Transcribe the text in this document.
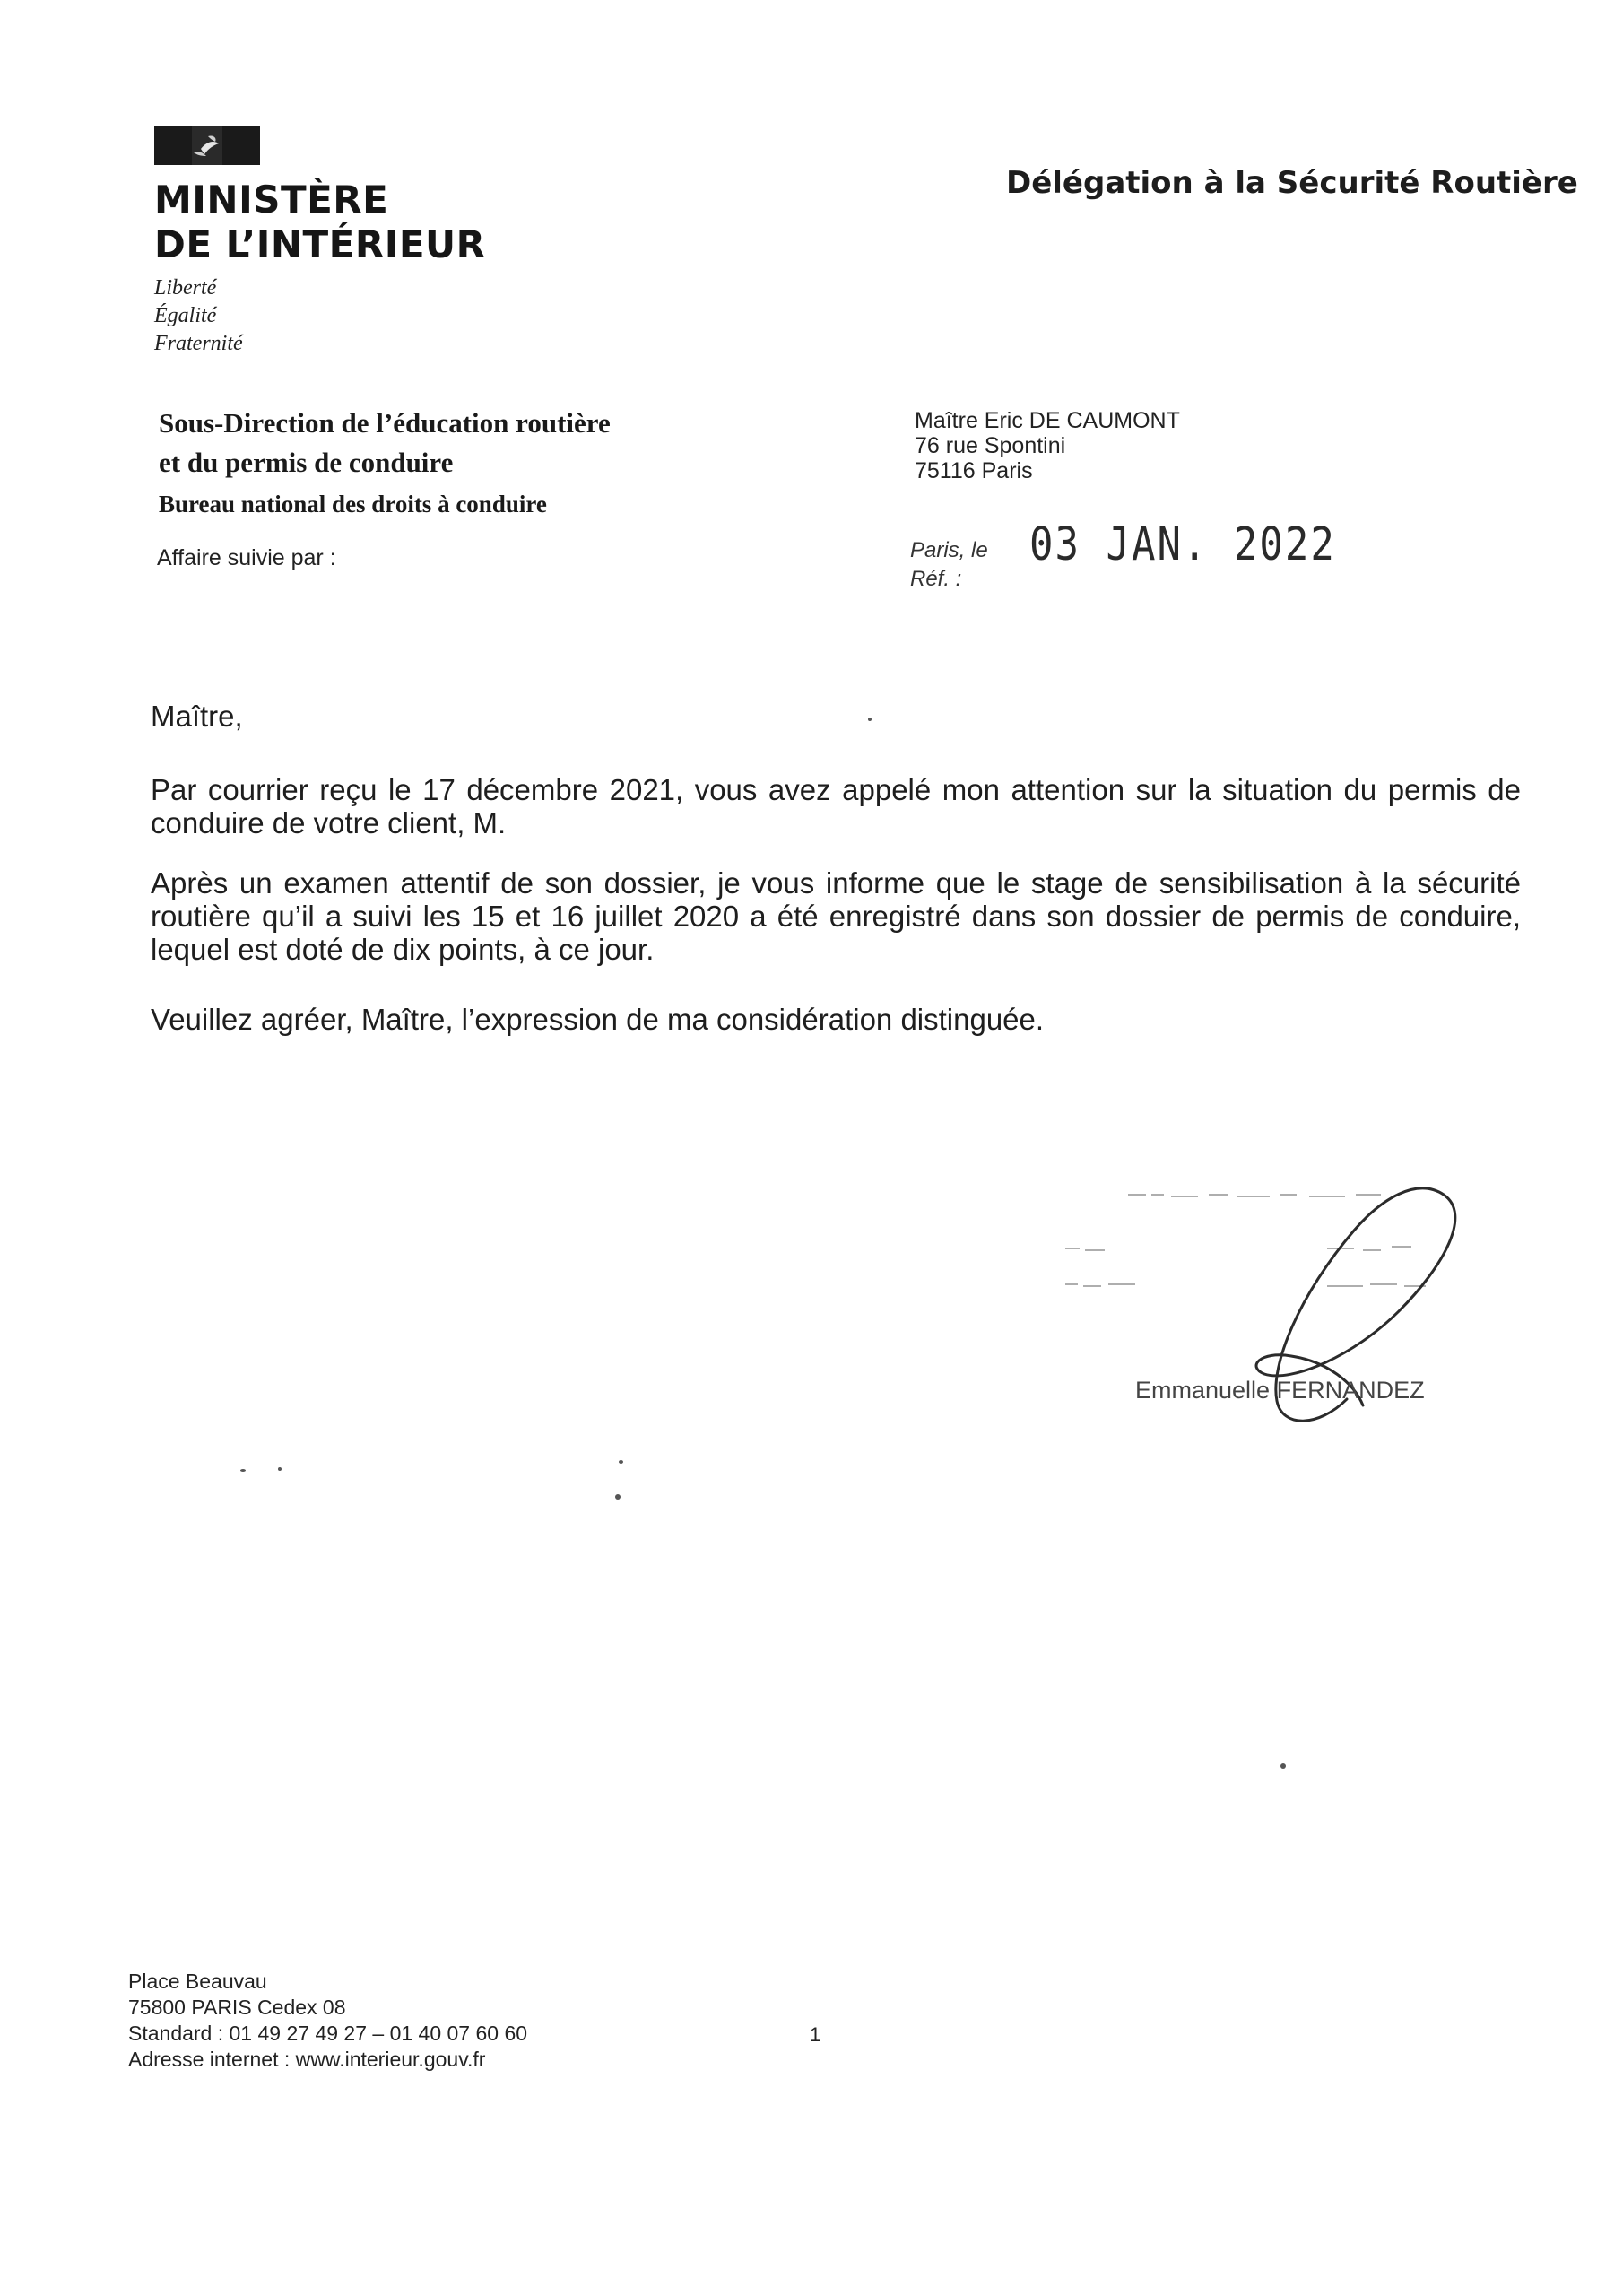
MINISTÈRE
DE L’INTÉRIEUR
Liberté
Égalité
Fraternité
Délégation à la Sécurité Routière
Sous-Direction de l’éducation routière
et du permis de conduire
Bureau national des droits à conduire
Affaire suivie par :
Maître Eric DE CAUMONT
76 rue Spontini
75116 Paris
Paris, le
Réf. :
03 JAN. 2022
Maître,
Par courrier reçu le 17 décembre 2021, vous avez appelé mon attention sur la situation du permis de conduire de votre client, M.
Après un examen attentif de son dossier, je vous informe que le stage de sensibilisation à la sécurité routière qu’il a suivi les 15 et 16 juillet 2020 a été enregistré dans son dossier de permis de conduire, lequel est doté de dix points, à ce jour.
Veuillez agréer, Maître, l’expression de ma considération distinguée.
Emmanuelle FERNANDEZ
Place Beauvau
75800 PARIS Cedex 08
Standard : 01 49 27 49 27 – 01 40 07 60 60
Adresse internet : www.interieur.gouv.fr
1
